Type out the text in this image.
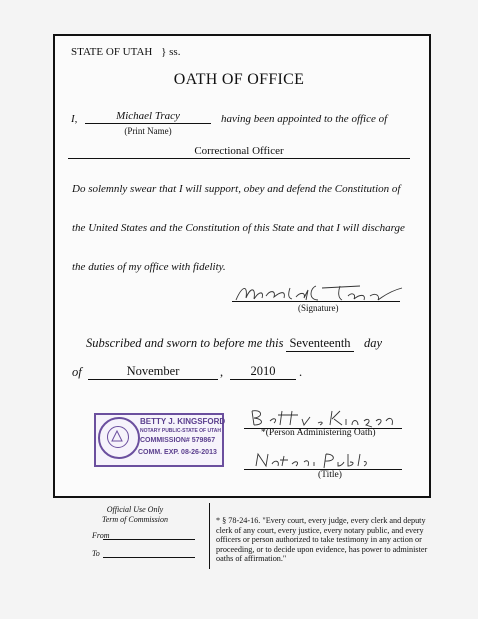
STATE OF UTAH } ss.
OATH OF OFFICE
I,	Michael Tracy
(Print Name)
having been appointed to the office of
Correctional Officer
Do solemnly swear that I will support, obey and defend the Constitution of
the United States and the Constitution of this State and that I will discharge
the duties of my office with fidelity.
(Signature)
Subscribed and sworn to before me this Seventeenth day
of	November	,	2010	.
BETTY J. KINGSFORD
NOTARY PUBLIC-STATE OF UTAH
COMMISSION# 579867
COMM. EXP. 08-26-2013
*(Person Administering Oath)
(Title)
Official Use Only
Term of Commission
From
To
* § 78-24-16. "Every court, every judge, every clerk and deputy clerk of any court, every justice, every notary public, and every officers or person authorized to take testimony in any action or proceeding, or to decide upon evidence, has power to administer oaths of affirmation."
